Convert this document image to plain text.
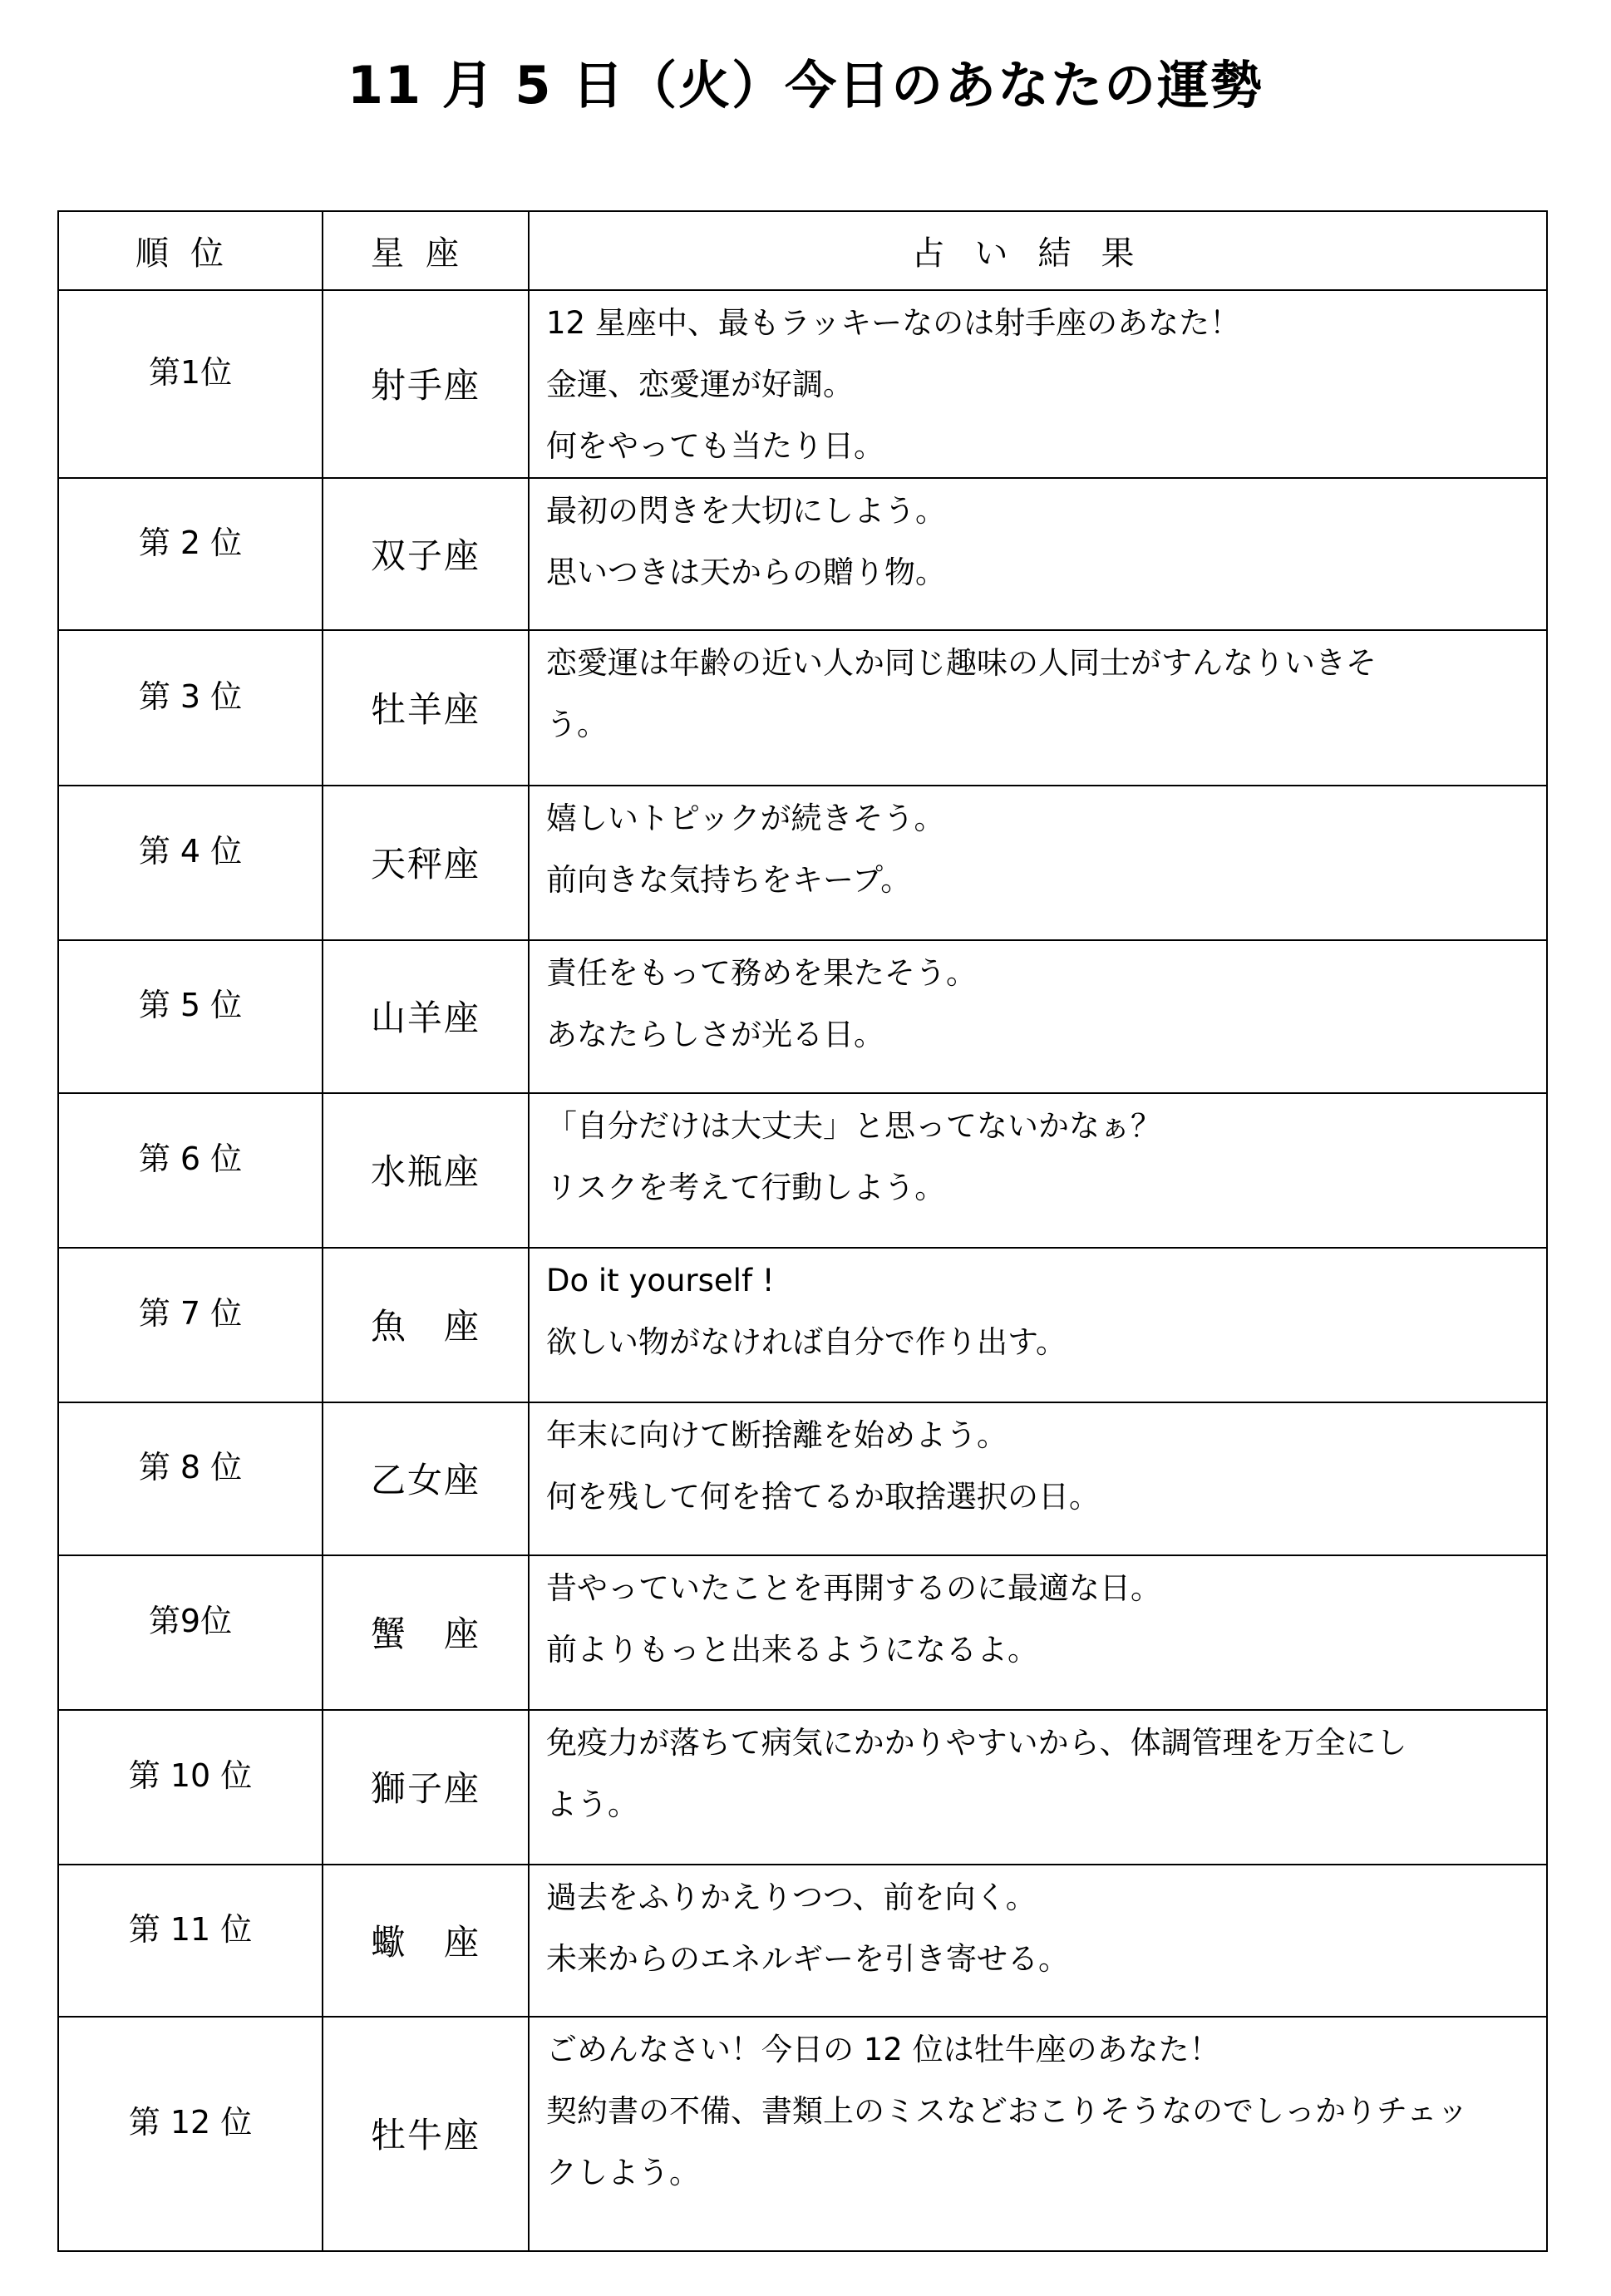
11 月 5 日（火）今日のあなたの運勢
順位	星座	占い結果

第1位	射手座	12 星座中、最もラッキーなのは射手座のあなた！
金運、恋愛運が好調。
何をやっても当たり日。

第 2 位	双子座	最初の閃きを大切にしよう。
思いつきは天からの贈り物。

第 3 位	牡羊座	恋愛運は年齢の近い人か同じ趣味の人同士がすんなりいきそ
う。

第 4 位	天秤座	嬉しいトピックが続きそう。
前向きな気持ちをキープ。

第 5 位	山羊座	責任をもって務めを果たそう。
あなたらしさが光る日。

第 6 位	水瓶座	「自分だけは大丈夫」と思ってないかなぁ？
リスクを考えて行動しよう。

第 7 位	魚　座	Do it yourself !
欲しい物がなければ自分で作り出す。

第 8 位	乙女座	年末に向けて断捨離を始めよう。
何を残して何を捨てるか取捨選択の日。

第9位	蟹　座	昔やっていたことを再開するのに最適な日。
前よりもっと出来るようになるよ。

第 10 位	獅子座	免疫力が落ちて病気にかかりやすいから、体調管理を万全にし
よう。

第 11 位	蠍　座	過去をふりかえりつつ、前を向く。
未来からのエネルギーを引き寄せる。

第 12 位	牡牛座	ごめんなさい！今日の 12 位は牡牛座のあなた！
契約書の不備、書類上のミスなどおこりそうなのでしっかりチェッ
クしよう。
